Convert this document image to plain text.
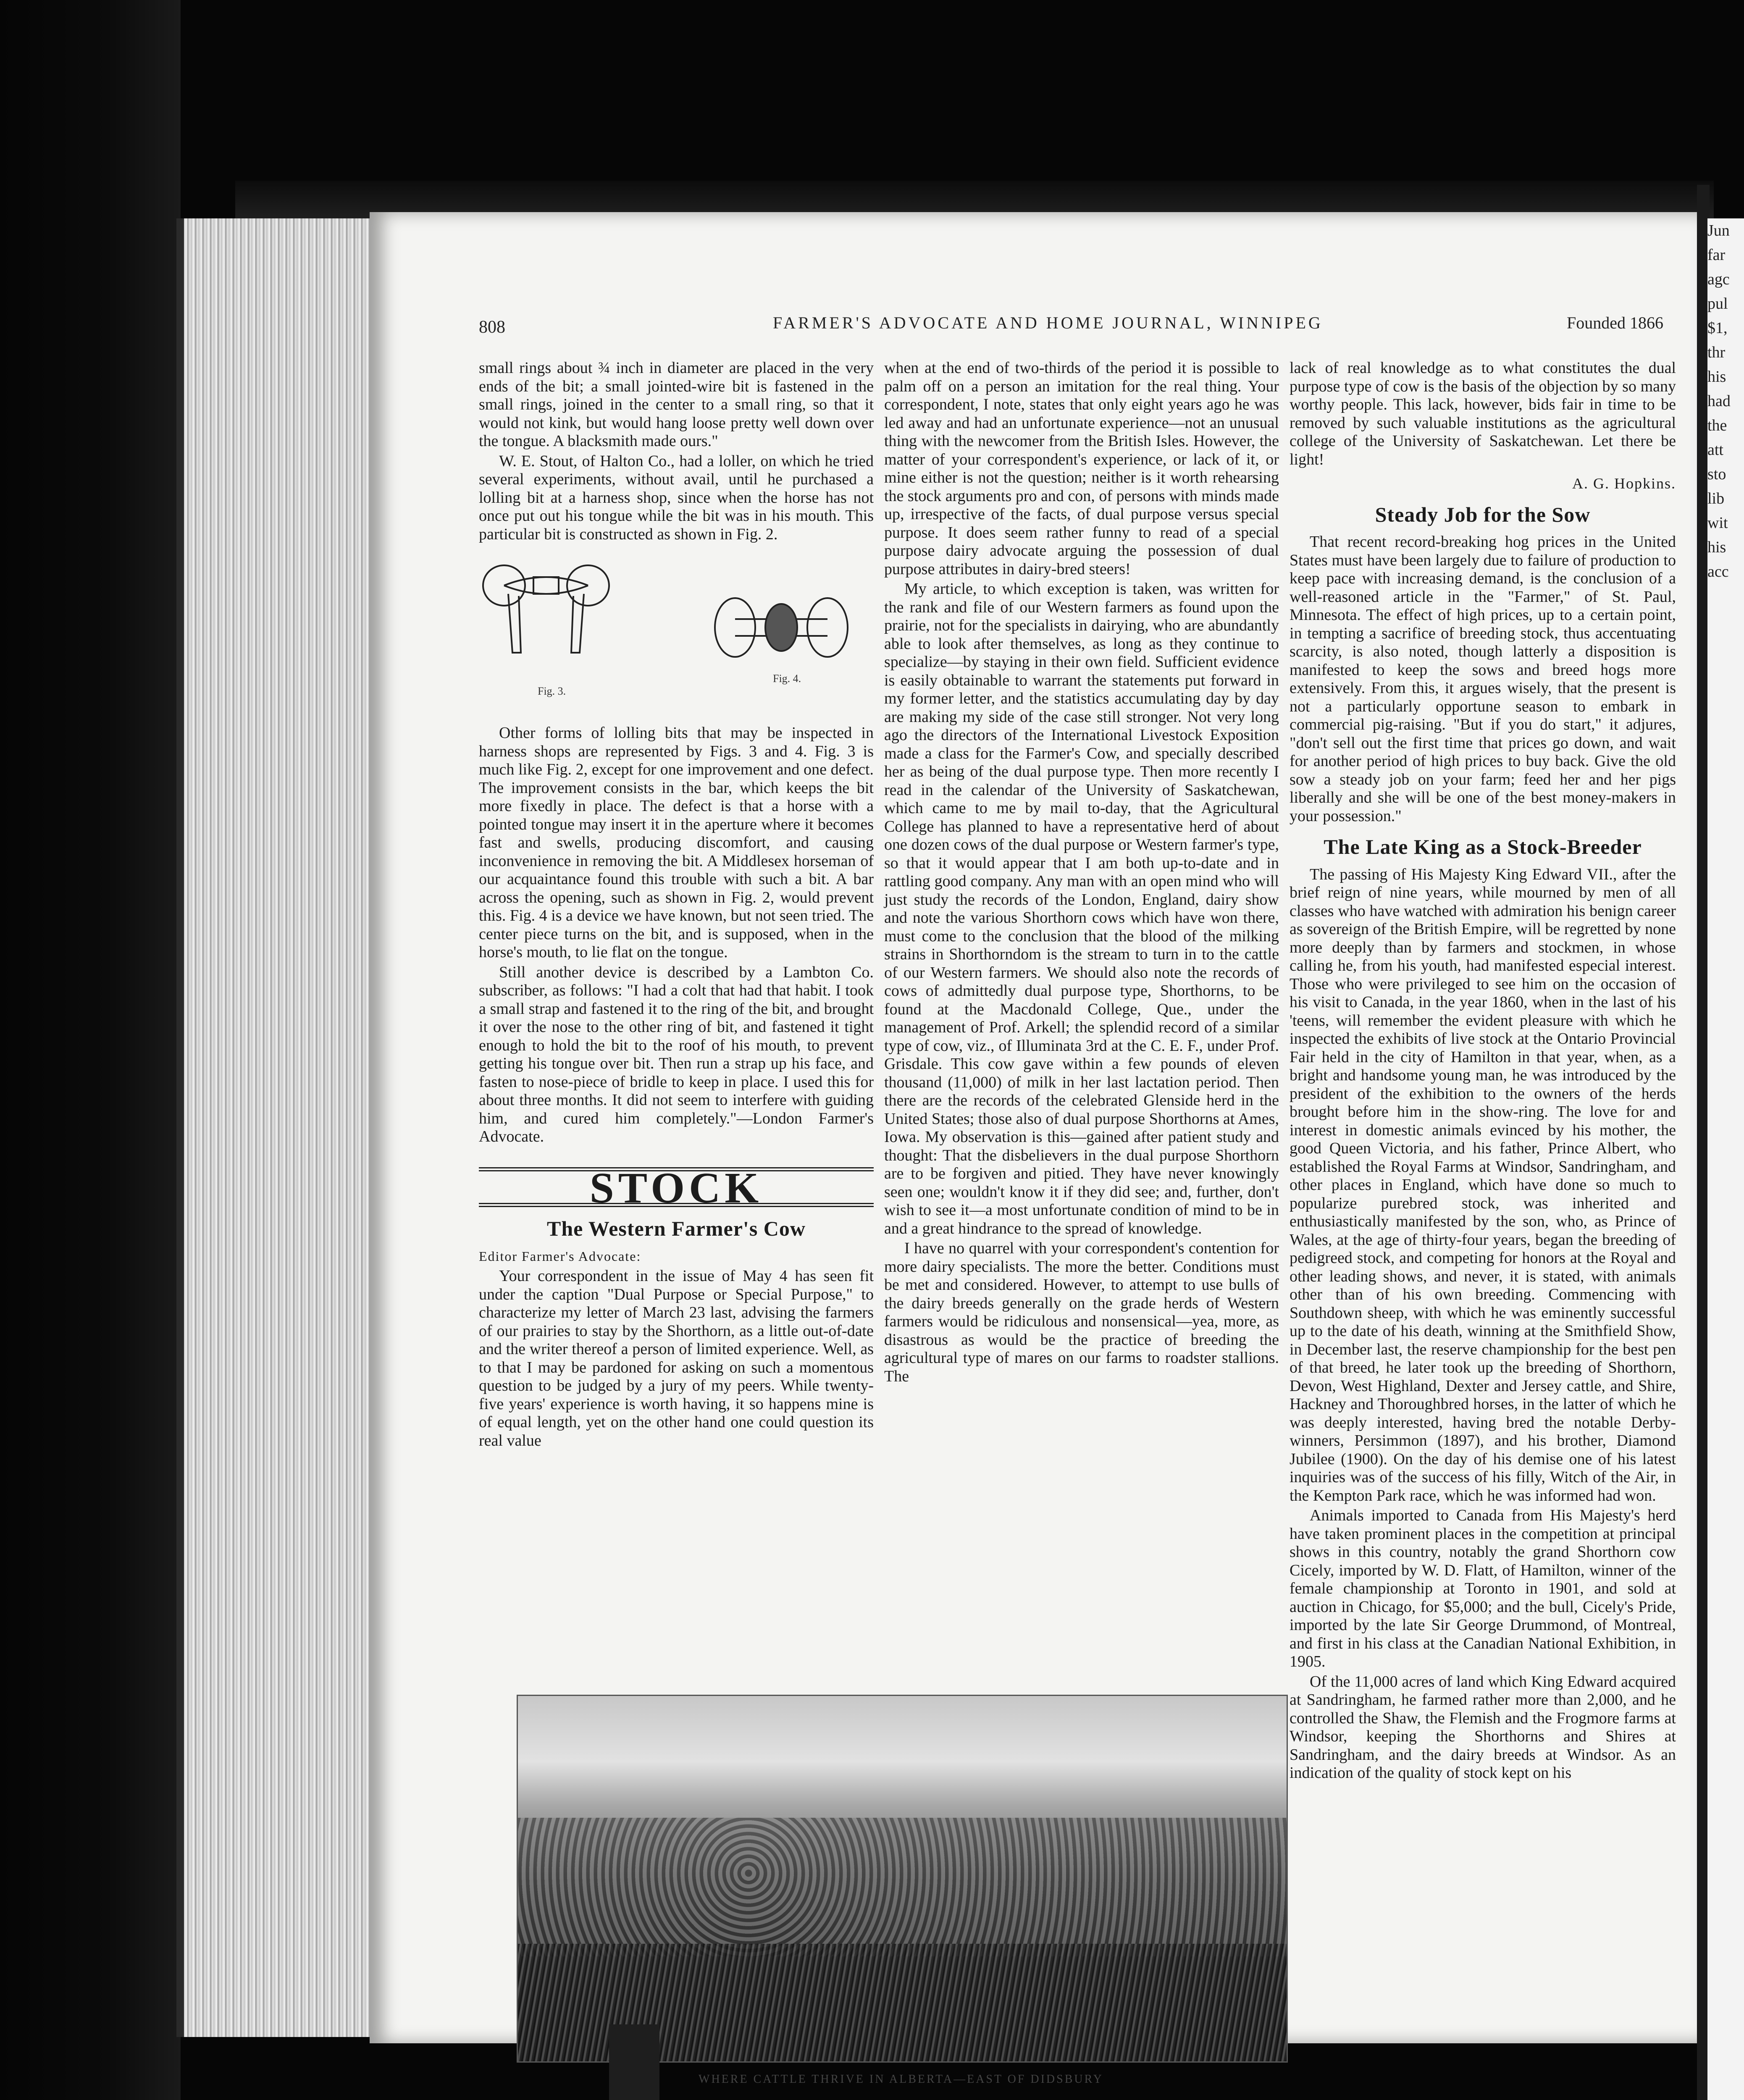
Jun
far
agc
pul
$1,
thr
his
had
the
att
sto
lib
wit
his
acc
808	FARMER'S ADVOCATE AND HOME JOURNAL, WINNIPEG	Founded 1866

small rings about ¾ inch in diameter are placed in the very ends of the bit; a small jointed-wire bit is fastened in the small rings, joined in the center to a small ring, so that it would not kink, but would hang loose pretty well down over the tongue. A blacksmith made ours."

W. E. Stout, of Halton Co., had a loller, on which he tried several experiments, without avail, until he purchased a lolling bit at a harness shop, since when the horse has not once put out his tongue while the bit was in his mouth. This particular bit is constructed as shown in Fig. 2.

Fig. 3.
Fig. 4.

Other forms of lolling bits that may be inspected in harness shops are represented by Figs. 3 and 4. Fig. 3 is much like Fig. 2, except for one improvement and one defect. The improvement consists in the bar, which keeps the bit more fixedly in place. The defect is that a horse with a pointed tongue may insert it in the aperture where it becomes fast and swells, producing discomfort, and causing inconvenience in removing the bit. A Middlesex horseman of our acquaintance found this trouble with such a bit. A bar across the opening, such as shown in Fig. 2, would prevent this. Fig. 4 is a device we have known, but not seen tried. The center piece turns on the bit, and is supposed, when in the horse's mouth, to lie flat on the tongue.

Still another device is described by a Lambton Co. subscriber, as follows: "I had a colt that had that habit. I took a small strap and fastened it to the ring of the bit, and brought it over the nose to the other ring of bit, and fastened it tight enough to hold the bit to the roof of his mouth, to prevent getting his tongue over bit. Then run a strap up his face, and fasten to nose-piece of bridle to keep in place. I used this for about three months. It did not seem to interfere with guiding him, and cured him completely."—London Farmer's Advocate.

STOCK
The Western Farmer's Cow

Editor Farmer's Advocate:

Your correspondent in the issue of May 4 has seen fit under the caption "Dual Purpose or Special Purpose," to characterize my letter of March 23 last, advising the farmers of our prairies to stay by the Shorthorn, as a little out-of-date and the writer thereof a person of limited experience. Well, as to that I may be pardoned for asking on such a momentous question to be judged by a jury of my peers. While twenty-five years' experience is worth having, it so happens mine is of equal length, yet on the other hand one could question its real value

when at the end of two-thirds of the period it is possible to palm off on a person an imitation for the real thing. Your correspondent, I note, states that only eight years ago he was led away and had an unfortunate experience—not an unusual thing with the newcomer from the British Isles. However, the matter of your correspondent's experience, or lack of it, or mine either is not the question; neither is it worth rehearsing the stock arguments pro and con, of persons with minds made up, irrespective of the facts, of dual purpose versus special purpose. It does seem rather funny to read of a special purpose dairy advocate arguing the possession of dual purpose attributes in dairy-bred steers!

My article, to which exception is taken, was written for the rank and file of our Western farmers as found upon the prairie, not for the specialists in dairying, who are abundantly able to look after themselves, as long as they continue to specialize—by staying in their own field. Sufficient evidence is easily obtainable to warrant the statements put forward in my former letter, and the statistics accumulating day by day are making my side of the case still stronger. Not very long ago the directors of the International Livestock Exposition made a class for the Farmer's Cow, and specially described her as being of the dual purpose type. Then more recently I read in the calendar of the University of Saskatchewan, which came to me by mail to-day, that the Agricultural College has planned to have a representative herd of about one dozen cows of the dual purpose or Western farmer's type, so that it would appear that I am both up-to-date and in rattling good company. Any man with an open mind who will just study the records of the London, England, dairy show and note the various Shorthorn cows which have won there, must come to the conclusion that the blood of the milking strains in Shorthorndom is the stream to turn in to the cattle of our Western farmers. We should also note the records of cows of admittedly dual purpose type, Shorthorns, to be found at the Macdonald College, Que., under the management of Prof. Arkell; the splendid record of a similar type of cow, viz., of Illuminata 3rd at the C. E. F., under Prof. Grisdale. This cow gave within a few pounds of eleven thousand (11,000) of milk in her last lactation period. Then there are the records of the celebrated Glenside herd in the United States; those also of dual purpose Shorthorns at Ames, Iowa. My observation is this—gained after patient study and thought: That the disbelievers in the dual purpose Shorthorn are to be forgiven and pitied. They have never knowingly seen one; wouldn't know it if they did see; and, further, don't wish to see it—a most unfortunate condition of mind to be in and a great hindrance to the spread of knowledge.

I have no quarrel with your correspondent's contention for more dairy specialists. The more the better. Conditions must be met and considered. However, to attempt to use bulls of the dairy breeds generally on the grade herds of Western farmers would be ridiculous and nonsensical—yea, more, as disastrous as would be the practice of breeding the agricultural type of mares on our farms to roadster stallions. The

lack of real knowledge as to what constitutes the dual purpose type of cow is the basis of the objection by so many worthy people. This lack, however, bids fair in time to be removed by such valuable institutions as the agricultural college of the University of Saskatchewan. Let there be light!

A. G. Hopkins.
Steady Job for the Sow

That recent record-breaking hog prices in the United States must have been largely due to failure of production to keep pace with increasing demand, is the conclusion of a well-reasoned article in the "Farmer," of St. Paul, Minnesota. The effect of high prices, up to a certain point, in tempting a sacrifice of breeding stock, thus accentuating scarcity, is also noted, though latterly a disposition is manifested to keep the sows and breed hogs more extensively. From this, it argues wisely, that the present is not a particularly opportune season to embark in commercial pig-raising. "But if you do start," it adjures, "don't sell out the first time that prices go down, and wait for another period of high prices to buy back. Give the old sow a steady job on your farm; feed her and her pigs liberally and she will be one of the best money-makers in your possession."

The Late King as a Stock-Breeder

The passing of His Majesty King Edward VII., after the brief reign of nine years, while mourned by men of all classes who have watched with admiration his benign career as sovereign of the British Empire, will be regretted by none more deeply than by farmers and stockmen, in whose calling he, from his youth, had manifested especial interest. Those who were privileged to see him on the occasion of his visit to Canada, in the year 1860, when in the last of his 'teens, will remember the evident pleasure with which he inspected the exhibits of live stock at the Ontario Provincial Fair held in the city of Hamilton in that year, when, as a bright and handsome young man, he was introduced by the president of the exhibition to the owners of the herds brought before him in the show-ring. The love for and interest in domestic animals evinced by his mother, the good Queen Victoria, and his father, Prince Albert, who established the Royal Farms at Windsor, Sandringham, and other places in England, which have done so much to popularize purebred stock, was inherited and enthusiastically manifested by the son, who, as Prince of Wales, at the age of thirty-four years, began the breeding of pedigreed stock, and competing for honors at the Royal and other leading shows, and never, it is stated, with animals other than of his own breeding. Commencing with Southdown sheep, with which he was eminently successful up to the date of his death, winning at the Smithfield Show, in December last, the reserve championship for the best pen of that breed, he later took up the breeding of Shorthorn, Devon, West Highland, Dexter and Jersey cattle, and Shire, Hackney and Thoroughbred horses, in the latter of which he was deeply interested, having bred the notable Derby-winners, Persimmon (1897), and his brother, Diamond Jubilee (1900). On the day of his demise one of his latest inquiries was of the success of his filly, Witch of the Air, in the Kempton Park race, which he was informed had won.

Animals imported to Canada from His Majesty's herd have taken prominent places in the competition at principal shows in this country, notably the grand Shorthorn cow Cicely, imported by W. D. Flatt, of Hamilton, winner of the female championship at Toronto in 1901, and sold at auction in Chicago, for $5,000; and the bull, Cicely's Pride, imported by the late Sir George Drummond, of Montreal, and first in his class at the Canadian National Exhibition, in 1905.

Of the 11,000 acres of land which King Edward acquired at Sandringham, he farmed rather more than 2,000, and he controlled the Shaw, the Flemish and the Frogmore farms at Windsor, keeping the Shorthorns and Shires at Sandringham, and the dairy breeds at Windsor. As an indication of the quality of stock kept on his

WHERE CATTLE THRIVE IN ALBERTA—EAST OF DIDSBURY
